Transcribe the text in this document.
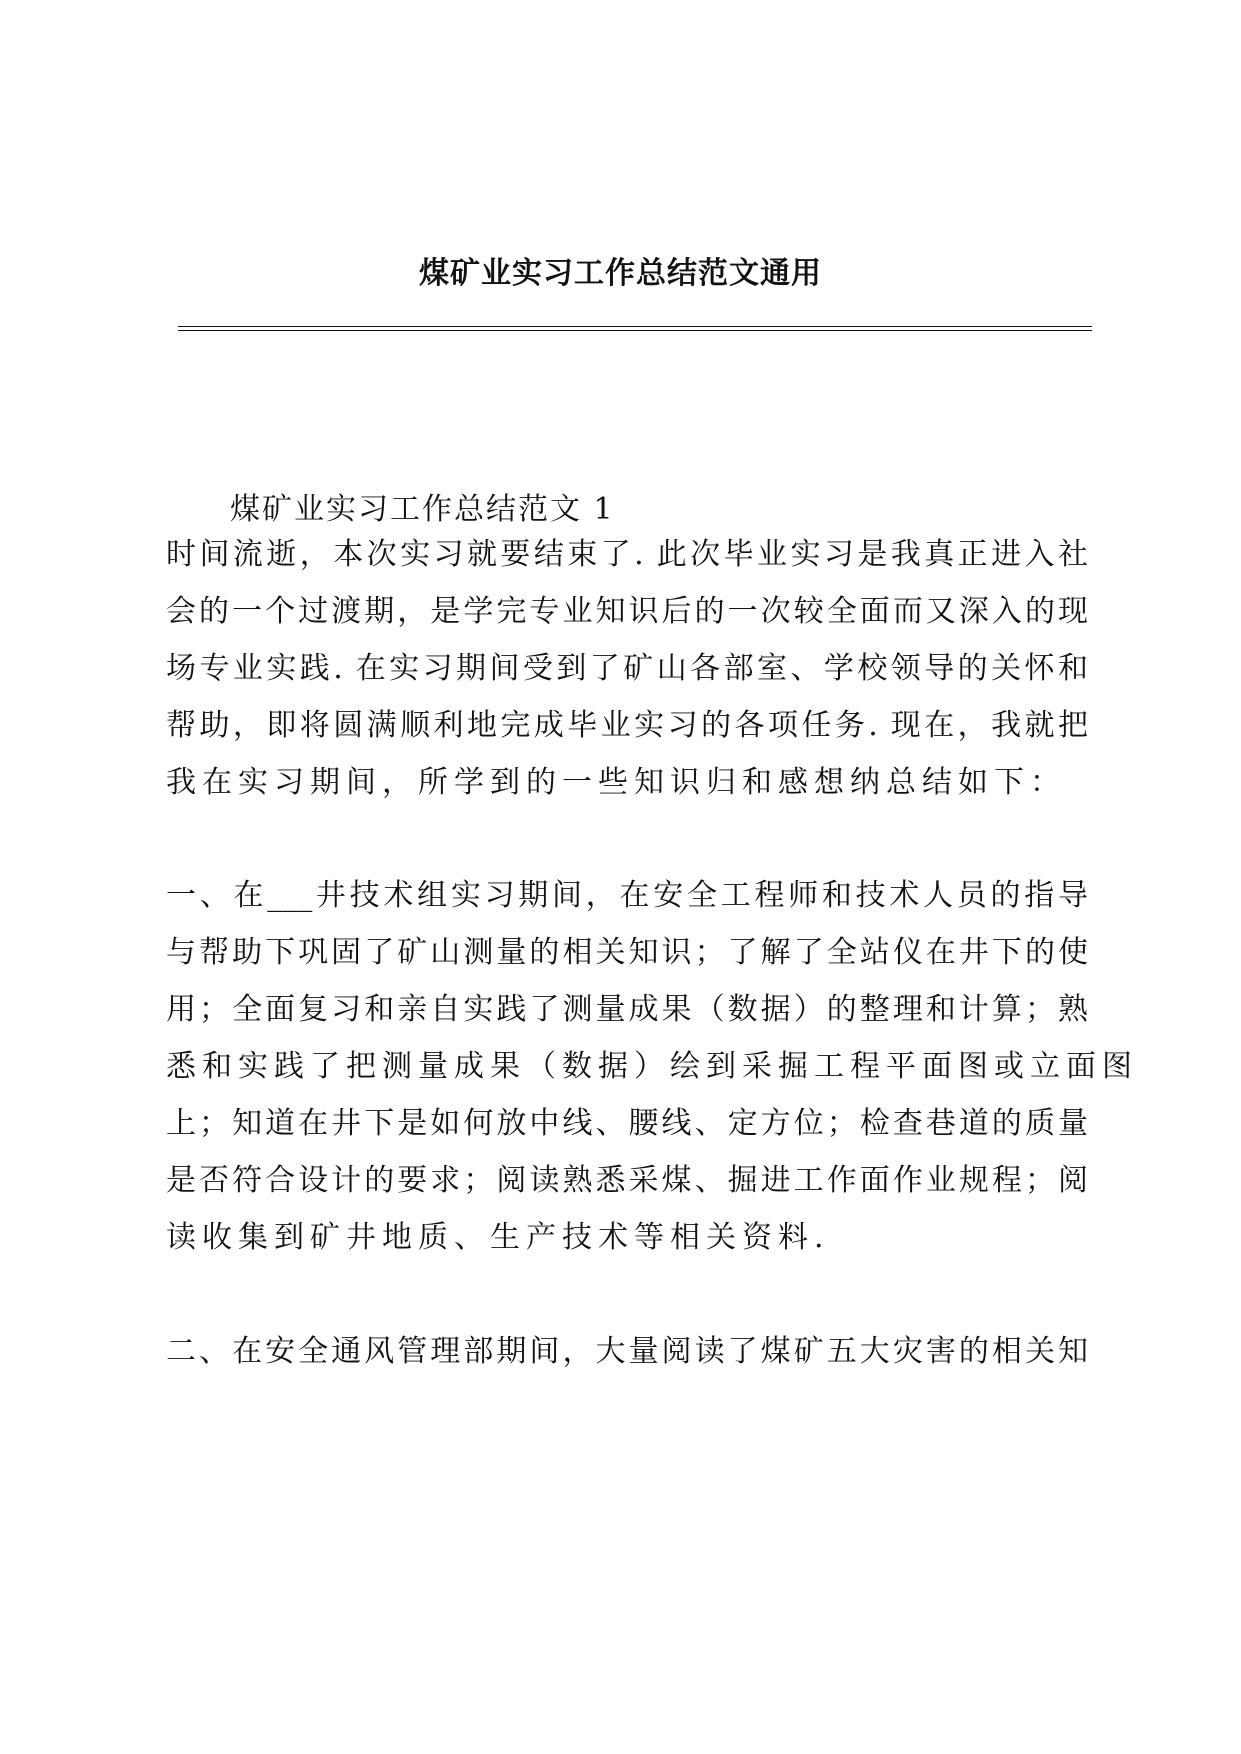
煤矿业实习工作总结范文通用
煤矿业实习工作总结范文 1
时间流逝，本次实习就要结束了. 此次毕业实习是我真正进入社
会的一个过渡期，是学完专业知识后的一次较全面而又深入的现
场专业实践. 在实习期间受到了矿山各部室、学校领导的关怀和
帮助，即将圆满顺利地完成毕业实习的各项任务. 现在，我就把
我在实习期间，所学到的一些知识归和感想纳总结如下：
一、在___井技术组实习期间，在安全工程师和技术人员的指导
与帮助下巩固了矿山测量的相关知识；了解了全站仪在井下的使
用；全面复习和亲自实践了测量成果（数据）的整理和计算；熟
悉和实践了把测量成果（数据）绘到采掘工程平面图或立面图
上；知道在井下是如何放中线、腰线、定方位；检查巷道的质量
是否符合设计的要求；阅读熟悉采煤、掘进工作面作业规程；阅
读收集到矿井地质、生产技术等相关资料.
二、在安全通风管理部期间，大量阅读了煤矿五大灾害的相关知
